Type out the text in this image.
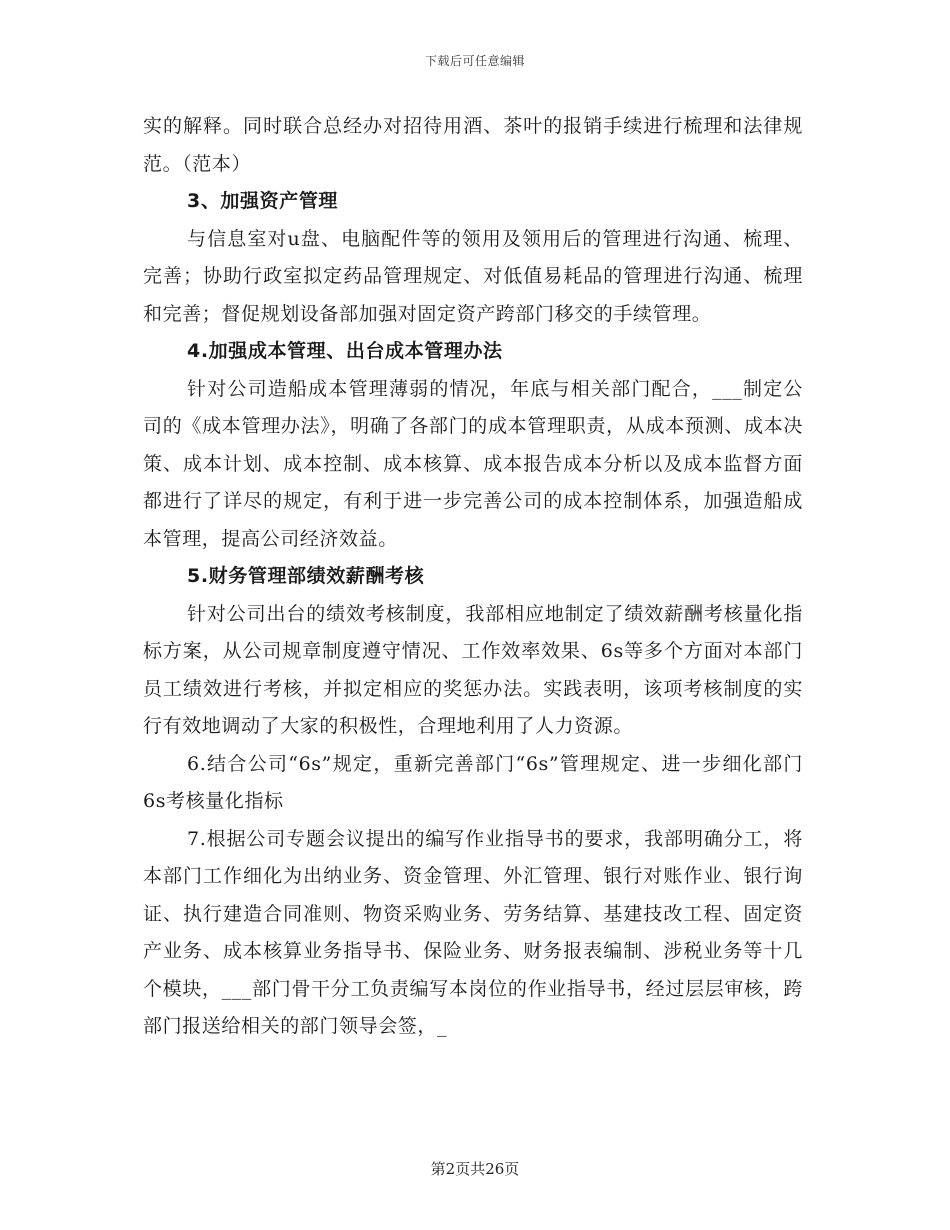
下载后可任意编辑

实的解释。同时联合总经办对招待用酒、茶叶的报销手续进行梳理和法律规范。（范本）

3、加强资产管理

与信息室对u盘、电脑配件等的领用及领用后的管理进行沟通、梳理、完善；协助行政室拟定药品管理规定、对低值易耗品的管理进行沟通、梳理和完善；督促规划设备部加强对固定资产跨部门移交的手续管理。

4.加强成本管理、出台成本管理办法

针对公司造船成本管理薄弱的情况，年底与相关部门配合，___制定公司的《成本管理办法》，明确了各部门的成本管理职责，从成本预测、成本决策、成本计划、成本控制、成本核算、成本报告成本分析以及成本监督方面都进行了详尽的规定，有利于进一步完善公司的成本控制体系，加强造船成本管理，提高公司经济效益。

5.财务管理部绩效薪酬考核

针对公司出台的绩效考核制度，我部相应地制定了绩效薪酬考核量化指标方案，从公司规章制度遵守情况、工作效率效果、6s等多个方面对本部门员工绩效进行考核，并拟定相应的奖惩办法。实践表明，该项考核制度的实行有效地调动了大家的积极性，合理地利用了人力资源。

6.结合公司“6s”规定，重新完善部门“6s”管理规定、进一步细化部门6s考核量化指标

7.根据公司专题会议提出的编写作业指导书的要求，我部明确分工，将本部门工作细化为出纳业务、资金管理、外汇管理、银行对账作业、银行询证、执行建造合同准则、物资采购业务、劳务结算、基建技改工程、固定资产业务、成本核算业务指导书、保险业务、财务报表编制、涉税业务等十几个模块，___部门骨干分工负责编写本岗位的作业指导书，经过层层审核，跨部门报送给相关的部门领导会签，_

第2页共26页
